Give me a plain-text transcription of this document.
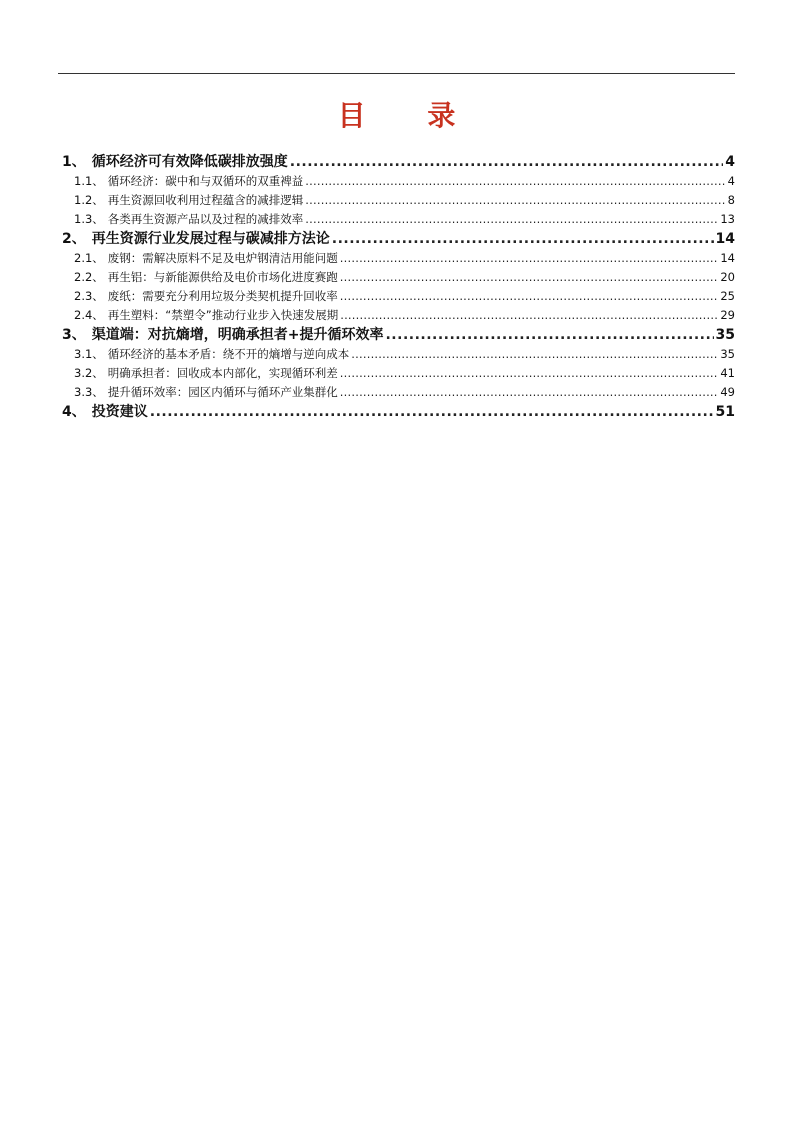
目 录
1、 循环经济可有效降低碳排放强度 .....	4
1.1、 循环经济：碳中和与双循环的双重裨益 .....	4
1.2、 再生资源回收利用过程蕴含的减排逻辑 .....	8
1.3、 各类再生资源产品以及过程的减排效率 .....	13
2、 再生资源行业发展过程与碳减排方法论 .....	14
2.1、 废钢：需解决原料不足及电炉钢清洁用能问题 .....	14
2.2、 再生铝：与新能源供给及电价市场化进度赛跑 .....	20
2.3、 废纸：需要充分利用垃圾分类契机提升回收率 .....	25
2.4、 再生塑料：“禁塑令”推动行业步入快速发展期 .....	29
3、 渠道端：对抗熵增，明确承担者+提升循环效率 .....	35
3.1、 循环经济的基本矛盾：绕不开的熵增与逆向成本 .....	35
3.2、 明确承担者：回收成本内部化，实现循环利差 .....	41
3.3、 提升循环效率：园区内循环与循环产业集群化 .....	49
4、 投资建议 .....	51
